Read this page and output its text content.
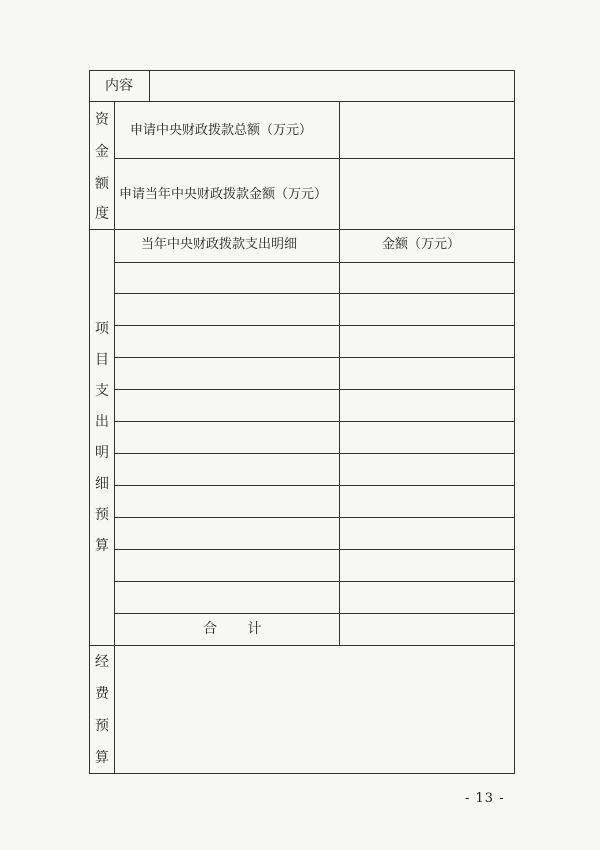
内容
资
金
额
度
申请中央财政拨款总额（万元）
申请当年中央财政拨款金额（万元）
项
目
支
出
明
细
预
算
当年中央财政拨款支出明细	金额（万元）
合 计
经
费
预
算
- 13 -
